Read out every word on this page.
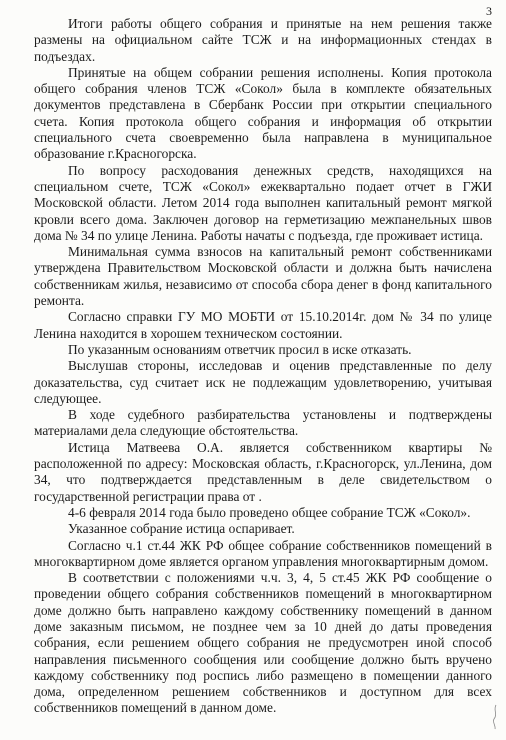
3

Итоги работы общего собрания и принятые на нем решения также размены на официальном сайте ТСЖ и на информационных стендах в подъездах.

Принятые на общем собрании решения исполнены. Копия протокола общего собрания членов ТСЖ «Сокол» была в комплекте обязательных документов представлена в Сбербанк России при открытии специального счета. Копия протокола общего собрания и информация об открытии специального счета своевременно была направлена в муниципальное образование г.Красногорска.

По вопросу расходования денежных средств, находящихся на специальном счете, ТСЖ «Сокол» ежеквартально подает отчет в ГЖИ Московской области. Летом 2014 года выполнен капитальный ремонт мягкой кровли всего дома. Заключен договор на герметизацию межпанельных швов дома № 34 по улице Ленина. Работы начаты с подъезда, где проживает истица.

Минимальная сумма взносов на капитальный ремонт собственниками утверждена Правительством Московской области и должна быть начислена собственникам жилья, независимо от способа сбора денег в фонд капитального ремонта.

Согласно справки ГУ МО МОБТИ от 15.10.2014г. дом № 34 по улице Ленина находится в хорошем техническом состоянии.

По указанным основаниям ответчик просил в иске отказать.

Выслушав стороны, исследовав и оценив представленные по делу доказательства, суд считает иск не подлежащим удовлетворению, учитывая следующее.

В ходе судебного разбирательства установлены и подтверждены материалами дела следующие обстоятельства.

Истица Матвеева О.А. является собственником квартиры № расположенной по адресу: Московская область, г.Красногорск, ул.Ленина, дом 34, что подтверждается представленным в деле свидетельством о государственной регистрации права от .

4-6 февраля 2014 года было проведено общее собрание ТСЖ «Сокол».

Указанное собрание истица оспаривает.

Согласно ч.1 ст.44 ЖК РФ общее собрание собственников помещений в многоквартирном доме является органом управления многоквартирным домом.

В соответствии с положениями ч.ч. 3, 4, 5 ст.45 ЖК РФ сообщение о проведении общего собрания собственников помещений в многоквартирном доме должно быть направлено каждому собственнику помещений в данном доме заказным письмом, не позднее чем за 10 дней до даты проведения собрания, если решением общего собрания не предусмотрен иной способ направления письменного сообщения или сообщение должно быть вручено каждому собственнику под роспись либо размещено в помещении данного дома, определенном решением собственников и доступном для всех собственников помещений в данном доме.
